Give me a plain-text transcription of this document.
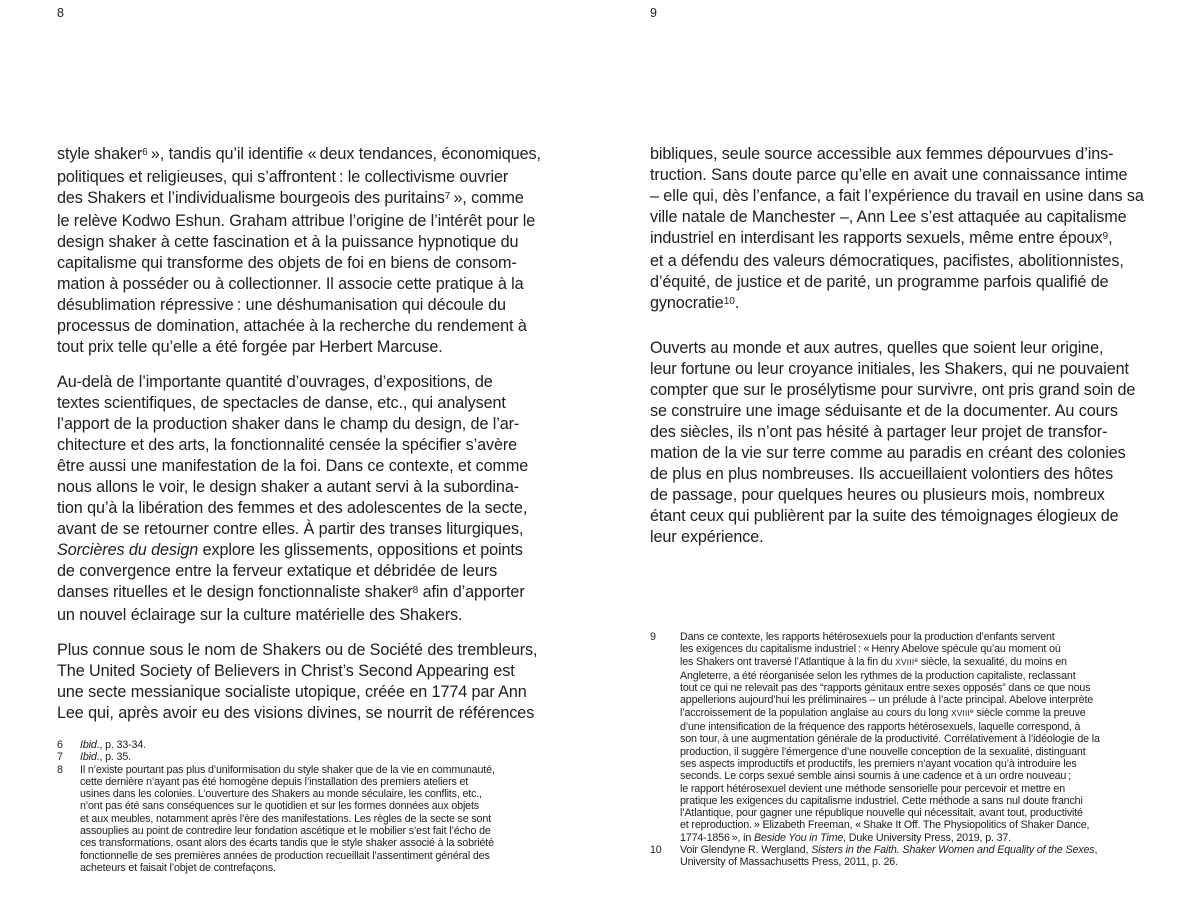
8
style shaker$^6$ », tandis qu’il identifie « deux tendances, économiques,
politiques et religieuses, qui s’affrontent : le collectivisme ouvrier
des Shakers et l’individualisme bourgeois des puritains$^7$ », comme
le relève Kodwo Eshun. Graham attribue l’origine de l’intérêt pour le
design shaker à cette fascination et à la puissance hypnotique du
capitalisme qui transforme des objets de foi en biens de consom-
mation à posséder ou à collectionner. Il associe cette pratique à la
désublimation répressive : une déshumanisation qui découle du
processus de domination, attachée à la recherche du rendement à
tout prix telle qu’elle a été forgée par Herbert Marcuse.
Au-delà de l’importante quantité d’ouvrages, d’expositions, de
textes scientifiques, de spectacles de danse, etc., qui analysent
l’apport de la production shaker dans le champ du design, de l’ar-
chitecture et des arts, la fonctionnalité censée la spécifier s’avère
être aussi une manifestation de la foi. Dans ce contexte, et comme
nous allons le voir, le design shaker a autant servi à la subordina-
tion qu’à la libération des femmes et des adolescentes de la secte,
avant de se retourner contre elles. À partir des transes liturgiques,
Sorcières du design explore les glissements, oppositions et points
de convergence entre la ferveur extatique et débridée de leurs
danses rituelles et le design fonctionnaliste shaker$^8$ afin d’apporter
un nouvel éclairage sur la culture matérielle des Shakers.
Plus connue sous le nom de Shakers ou de Société des trembleurs,
The United Society of Believers in Christ’s Second Appearing est
une secte messianique socialiste utopique, créée en 1774 par Ann
Lee qui, après avoir eu des visions divines, se nourrit de références
6	Ibid., p. 33-34.
7	Ibid., p. 35.
8	Il n’existe pourtant pas plus d’uniformisation du style shaker que de la vie en communauté,
cette dernière n’ayant pas été homogène depuis l’installation des premiers ateliers et
usines dans les colonies. L’ouverture des Shakers au monde séculaire, les conflits, etc.,
n’ont pas été sans conséquences sur le quotidien et sur les formes données aux objets
et aux meubles, notamment après l’ère des manifestations. Les règles de la secte se sont
assouplies au point de contredire leur fondation ascétique et le mobilier s’est fait l’écho de
ces transformations, osant alors des écarts tandis que le style shaker associé à la sobriété
fonctionnelle de ses premières années de production recueillait l’assentiment général des
acheteurs et faisait l’objet de contrefaçons.
9
bibliques, seule source accessible aux femmes dépourvues d’ins-
truction. Sans doute parce qu’elle en avait une connaissance intime
– elle qui, dès l’enfance, a fait l’expérience du travail en usine dans sa
ville natale de Manchester –, Ann Lee s’est attaquée au capitalisme
industriel en interdisant les rapports sexuels, même entre époux$^9$,
et a défendu des valeurs démocratiques, pacifistes, abolitionnistes,
d’équité, de justice et de parité, un programme parfois qualifié de
gynocratie$^{10}$.
Ouverts au monde et aux autres, quelles que soient leur origine,
leur fortune ou leur croyance initiales, les Shakers, qui ne pouvaient
compter que sur le prosélytisme pour survivre, ont pris grand soin de
se construire une image séduisante et de la documenter. Au cours
des siècles, ils n’ont pas hésité à partager leur projet de transfor-
mation de la vie sur terre comme au paradis en créant des colonies
de plus en plus nombreuses. Ils accueillaient volontiers des hôtes
de passage, pour quelques heures ou plusieurs mois, nombreux
étant ceux qui publièrent par la suite des témoignages élogieux de
leur expérience.
9	Dans ce contexte, les rapports hétérosexuels pour la production d’enfants servent
les exigences du capitalisme industriel : « Henry Abelove spécule qu’au moment où
les Shakers ont traversé l’Atlantique à la fin du XVIIIe siècle, la sexualité, du moins en
Angleterre, a été réorganisée selon les rythmes de la production capitaliste, reclassant
tout ce qui ne relevait pas des “rapports génitaux entre sexes opposés” dans ce que nous
appellerions aujourd’hui les préliminaires – un prélude à l’acte principal. Abelove interprète
l’accroissement de la population anglaise au cours du long XVIIIe siècle comme la preuve
d’une intensification de la fréquence des rapports hétérosexuels, laquelle correspond, à
son tour, à une augmentation générale de la productivité. Corrélativement à l’idéologie de la
production, il suggère l’émergence d’une nouvelle conception de la sexualité, distinguant
ses aspects improductifs et productifs, les premiers n’ayant vocation qu’à introduire les
seconds. Le corps sexué semble ainsi soumis à une cadence et à un ordre nouveau ;
le rapport hétérosexuel devient une méthode sensorielle pour percevoir et mettre en
pratique les exigences du capitalisme industriel. Cette méthode a sans nul doute franchi
l’Atlantique, pour gagner une république nouvelle qui nécessitait, avant tout, productivité
et reproduction. » Elizabeth Freeman, « Shake It Off. The Physiopolitics of Shaker Dance,
1774-1856 », in Beside You in Time, Duke University Press, 2019, p. 37.
10	Voir Glendyne R. Wergland, Sisters in the Faith. Shaker Women and Equality of the Sexes,
University of Massachusetts Press, 2011, p. 26.
